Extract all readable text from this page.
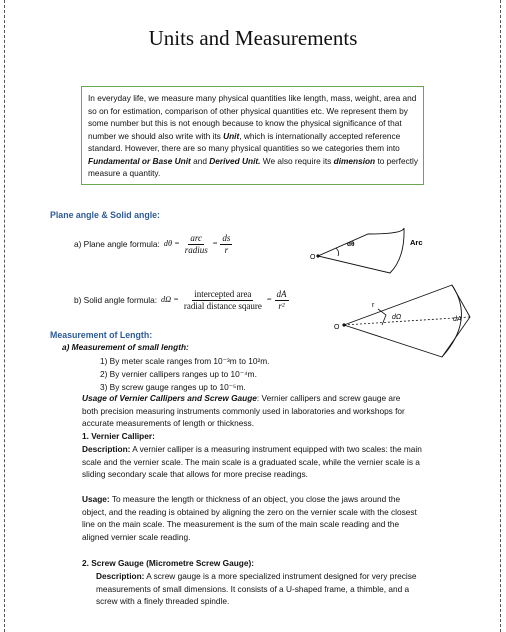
Units and Measurements
In everyday life, we measure many physical quantities like length, mass, weight, area and so on for estimation, comparison of other physical quantities etc. We represent them by some number but this is not enough because to know the physical significance of that number we should also write with its Unit, which is internationally accepted reference standard. However, there are so many physical quantities so we categories them into Fundamental or Base Unit and Derived Unit. We also require its dimension to perfectly measure a quantity.
Plane angle & Solid angle:
a) Plane angle formula: $d\theta = \frac{\text{arc}}{\text{radius}} = \frac{ds}{r}$
O
dθ	Arc
b) Solid angle formula: $d\Omega = \frac{\text{intercepted area}}{\text{radial distance sqaure}} = \frac{dA}{\text{r²}}$
O
r
dΩ	dA
Measurement of Length:
a) Measurement of small length:
1) By meter scale ranges from 10⁻³m to 10²m.
2) By vernier callipers ranges up to 10⁻⁴m.
3) By screw gauge ranges up to 10⁻⁵m.
Usage of Vernier Callipers and Screw Gauge: Vernier callipers and screw gauge are both precision measuring instruments commonly used in laboratories and workshops for accurate measurements of length or thickness.
1. Vernier Calliper:
Description: A vernier calliper is a measuring instrument equipped with two scales: the main scale and the vernier scale. The main scale is a graduated scale, while the vernier scale is a sliding secondary scale that allows for more precise readings.
Usage: To measure the length or thickness of an object, you close the jaws around the object, and the reading is obtained by aligning the zero on the vernier scale with the closest line on the main scale. The measurement is the sum of the main scale reading and the aligned vernier scale reading.
2. Screw Gauge (Micrometre Screw Gauge):
Description: A screw gauge is a more specialized instrument designed for very precise measurements of small dimensions. It consists of a U-shaped frame, a thimble, and a screw with a finely threaded spindle.
